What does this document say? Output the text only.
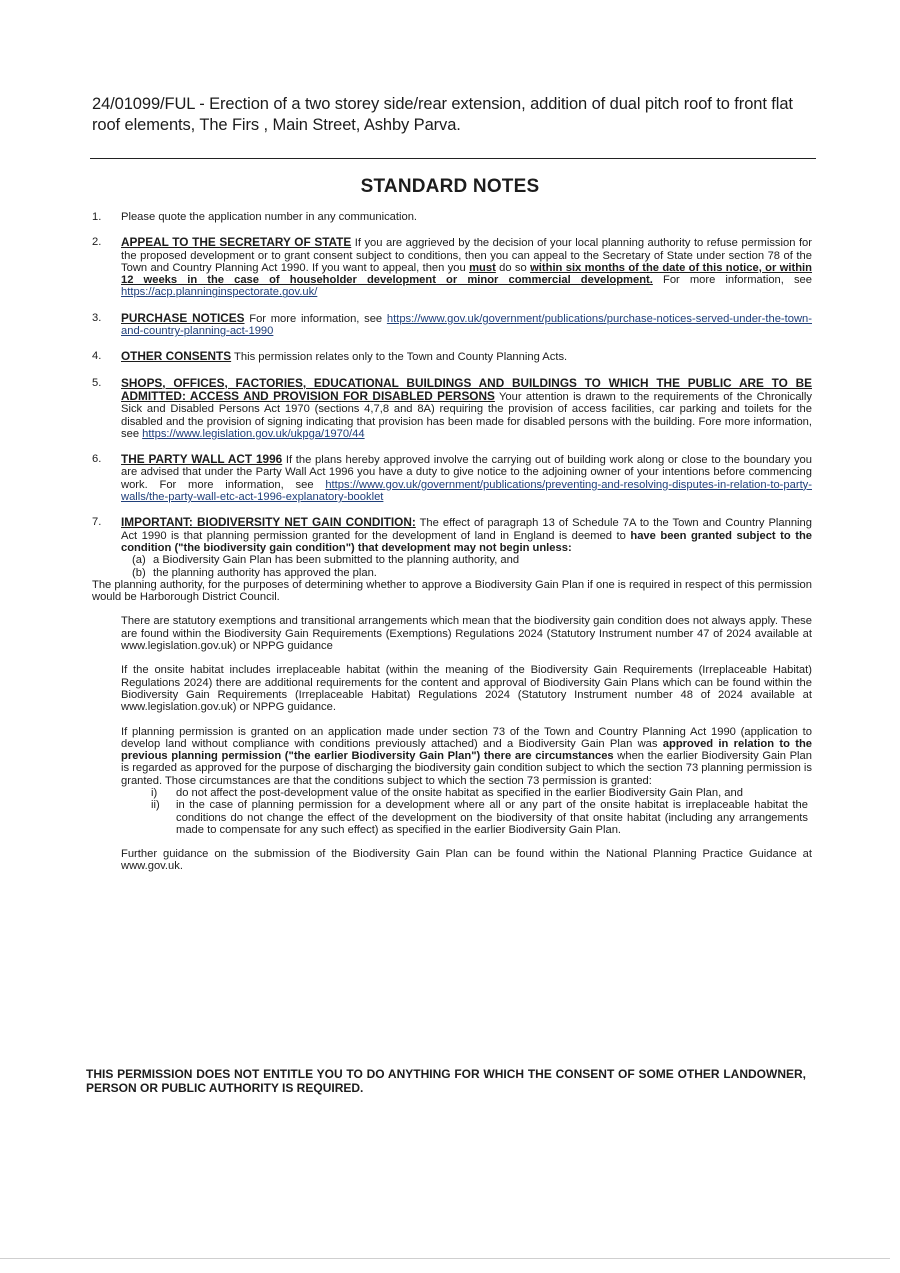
24/01099/FUL - Erection of a two storey side/rear extension, addition of dual pitch roof to front flat roof elements, The Firs , Main Street, Ashby Parva.
STANDARD NOTES
1. Please quote the application number in any communication.
2. APPEAL TO THE SECRETARY OF STATE If you are aggrieved by the decision of your local planning authority to refuse permission for the proposed development or to grant consent subject to conditions, then you can appeal to the Secretary of State under section 78 of the Town and Country Planning Act 1990. If you want to appeal, then you must do so within six months of the date of this notice, or within 12 weeks in the case of householder development or minor commercial development. For more information, see https://acp.planninginspectorate.gov.uk/
3. PURCHASE NOTICES For more information, see https://www.gov.uk/government/publications/purchase-notices-served-under-the-town-and-country-planning-act-1990
4. OTHER CONSENTS This permission relates only to the Town and County Planning Acts.
5. SHOPS, OFFICES, FACTORIES, EDUCATIONAL BUILDINGS AND BUILDINGS TO WHICH THE PUBLIC ARE TO BE ADMITTED: ACCESS AND PROVISION FOR DISABLED PERSONS Your attention is drawn to the requirements of the Chronically Sick and Disabled Persons Act 1970 (sections 4,7,8 and 8A) requiring the provision of access facilities, car parking and toilets for the disabled and the provision of signing indicating that provision has been made for disabled persons with the building. Fore more information, see https://www.legislation.gov.uk/ukpga/1970/44
6. THE PARTY WALL ACT 1996 If the plans hereby approved involve the carrying out of building work along or close to the boundary you are advised that under the Party Wall Act 1996 you have a duty to give notice to the adjoining owner of your intentions before commencing work. For more information, see https://www.gov.uk/government/publications/preventing-and-resolving-disputes-in-relation-to-party-walls/the-party-wall-etc-act-1996-explanatory-booklet
7. IMPORTANT: BIODIVERSITY NET GAIN CONDITION: The effect of paragraph 13 of Schedule 7A to the Town and Country Planning Act 1990 is that planning permission granted for the development of land in England is deemed to have been granted subject to the condition ("the biodiversity gain condition") that development may not begin unless:
(a) a Biodiversity Gain Plan has been submitted to the planning authority, and
(b) the planning authority has approved the plan.
The planning authority, for the purposes of determining whether to approve a Biodiversity Gain Plan if one is required in respect of this permission would be Harborough District Council.
There are statutory exemptions and transitional arrangements which mean that the biodiversity gain condition does not always apply. These are found within the Biodiversity Gain Requirements (Exemptions) Regulations 2024 (Statutory Instrument number 47 of 2024 available at www.legislation.gov.uk) or NPPG guidance
If the onsite habitat includes irreplaceable habitat (within the meaning of the Biodiversity Gain Requirements (Irreplaceable Habitat) Regulations 2024) there are additional requirements for the content and approval of Biodiversity Gain Plans which can be found within the Biodiversity Gain Requirements (Irreplaceable Habitat) Regulations 2024 (Statutory Instrument number 48 of 2024 available at www.legislation.gov.uk) or NPPG guidance.
If planning permission is granted on an application made under section 73 of the Town and Country Planning Act 1990 (application to develop land without compliance with conditions previously attached) and a Biodiversity Gain Plan was approved in relation to the previous planning permission ("the earlier Biodiversity Gain Plan") there are circumstances when the earlier Biodiversity Gain Plan is regarded as approved for the purpose of discharging the biodiversity gain condition subject to which the section 73 planning permission is granted. Those circumstances are that the conditions subject to which the section 73 permission is granted:
i) do not affect the post-development value of the onsite habitat as specified in the earlier Biodiversity Gain Plan, and
ii) in the case of planning permission for a development where all or any part of the onsite habitat is irreplaceable habitat the conditions do not change the effect of the development on the biodiversity of that onsite habitat (including any arrangements made to compensate for any such effect) as specified in the earlier Biodiversity Gain Plan.
Further guidance on the submission of the Biodiversity Gain Plan can be found within the National Planning Practice Guidance at www.gov.uk.
THIS PERMISSION DOES NOT ENTITLE YOU TO DO ANYTHING FOR WHICH THE CONSENT OF SOME OTHER LANDOWNER, PERSON OR PUBLIC AUTHORITY IS REQUIRED.
